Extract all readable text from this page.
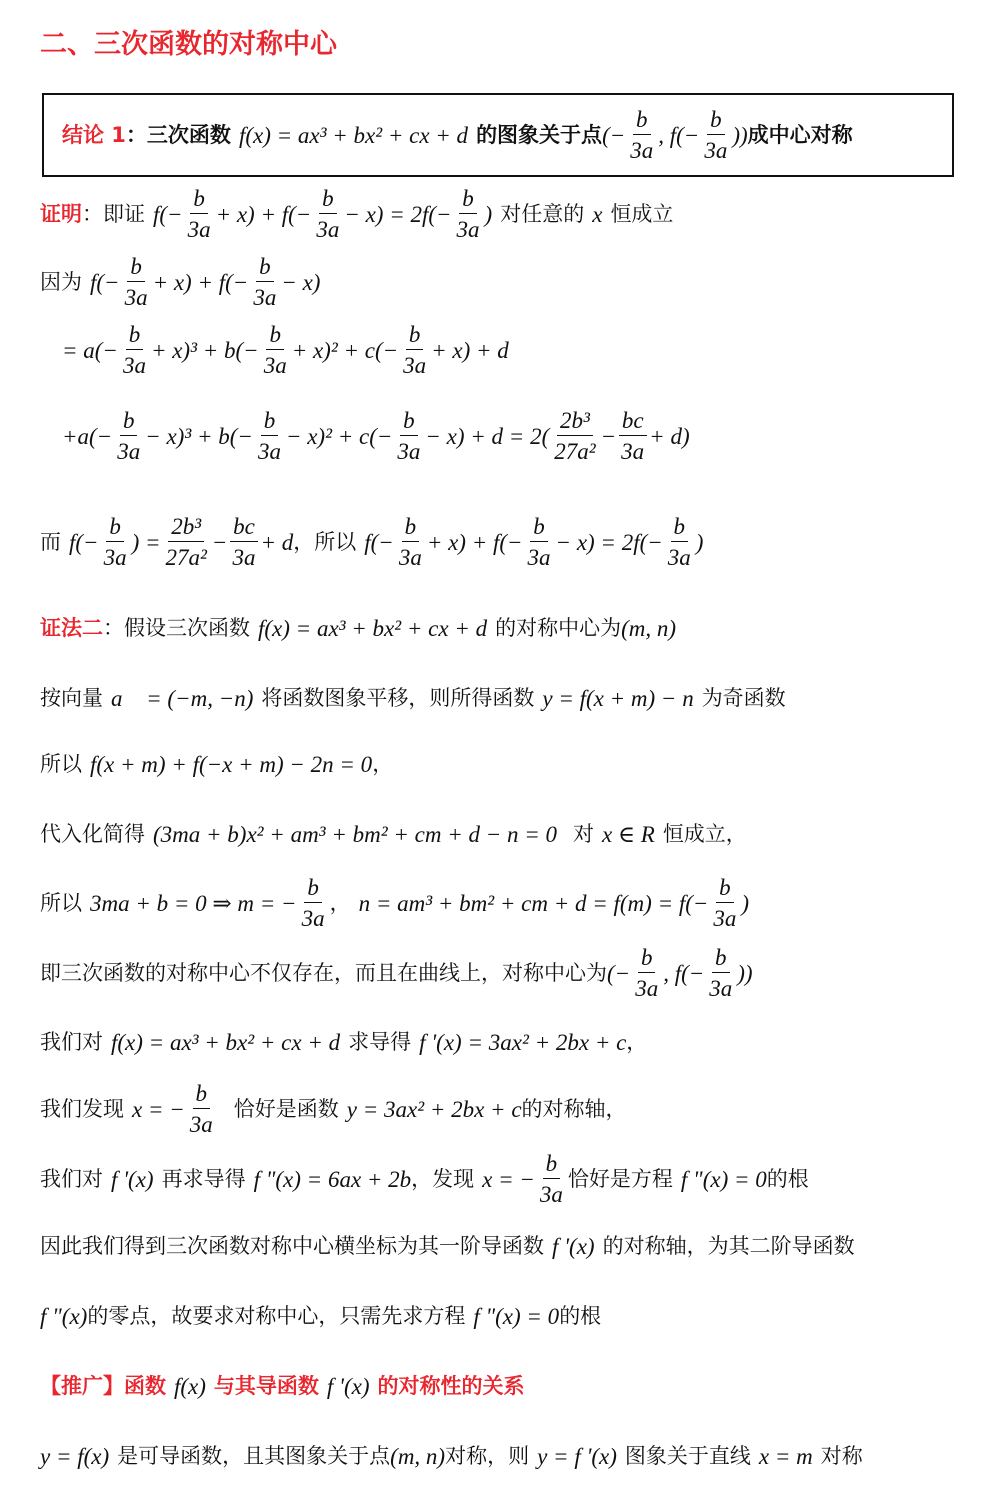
二、三次函数的对称中心
结论 1 ：三次函数 f(x) = ax³ + bx² + cx + d 的图象关于点 (− $\frac{b}{3a}$ , $f(- \frac{b}{3a}$ )) 成中心对称
证明 ：即证 $f(- \frac{b}{3a} + x) + f(- \frac{b}{3a} - x) = 2f(- \frac{b}{3a}$ ) 对任意的 x 恒成立
因为 $f(- \frac{b}{3a} + x) + f(- \frac{b}{3a} - x)$
= $a(- \frac{b}{3a} + x)^3 + b(- \frac{b}{3a} + x)^2 + c(- \frac{b}{3a} + x) + d$
$+a(- \frac{b}{3a} - x)^3 + b(- \frac{b}{3a} - x)^2 + c(- \frac{b}{3a} - x) + d = 2( \frac{\text{2b³}}{\text{27a²}} - \frac{bc}{3a} + d)$
而 $f(- \frac{b}{3a}$ ) = $\frac{\text{2b³}}{\text{27a²}} - \frac{bc}{3a} + d$ ，所以 $f(- \frac{b}{3a} + x) + f(- \frac{b}{3a} - x) = 2f(- \frac{b}{3a}$ )
证法二 ：假设三次函数 f(x) = ax³ + bx² + cx + d 的对称中心为 (m, n)
按向量 a⃗ = (−m, −n) 将函数图象平移，则所得函数 y = f(x + m) − n 为奇函数
所以 f(x + m) + f(−x + m) − 2n = 0 ，
代入化简得 (3ma + b)x² + am³ + bm² + cm + d − n = 0 对 x ∈ R 恒成立，
所以 3ma + b = 0 ⇒ m = − $\frac{b}{3a}$ ， n = am³ + bm² + cm + $d = f(m) = f(- \frac{b}{3a}$ )
即三次函数的对称中心不仅存在，而且在曲线上，对称中心为 (− $\frac{b}{3a}$ , $f(- \frac{b}{3a}$ ))
我们对 f(x) = ax³ + bx² + cx + d 求导得 f '(x) = 3ax² + 2bx + c ，
我们发现 x = − $\frac{b}{3a}$ 恰好是函数 y = 3ax² + 2bx + c 的对称轴，
我们对 f '(x) 再求导得 f "(x) = 6ax + 2b ，发现 x = − $\frac{b}{3a}$ 恰好是方程 f "(x) = 0 的根
因此我们得到三次函数对称中心横坐标为其一阶导函数 f '(x) 的对称轴，为其二阶导函数
f "(x) 的零点，故要求对称中心，只需先求方程 f "(x) = 0 的根
【推广】 函数 f(x) 与其导函数 f '(x) 的对称性的关系
y = f(x) 是可导函数，且其图象关于点 (m, n) 对称，则 y = f '(x) 图象关于直线 x = m 对称
